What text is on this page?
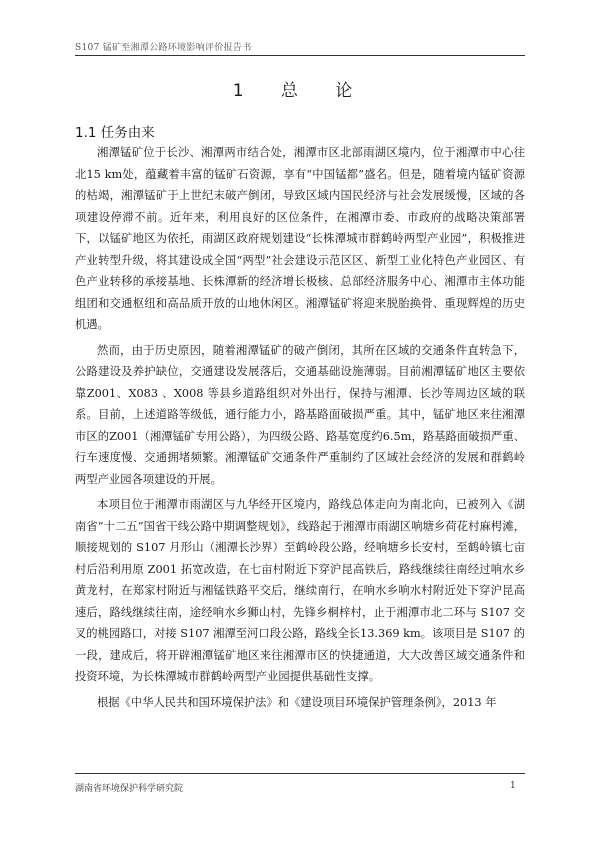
S107 锰矿至湘潭公路环境影响评价报告书
1 总 论
1.1 任务由来

湘潭锰矿位于长沙、湘潭两市结合处，湘潭市区北部雨湖区境内，位于湘潭市中心往北15 km处，蕴藏着丰富的锰矿石资源，享有“中国锰都”盛名。但是，随着境内锰矿资源的枯竭，湘潭锰矿于上世纪末破产倒闭，导致区域内国民经济与社会发展缓慢，区域的各项建设停滞不前。近年来，利用良好的区位条件，在湘潭市委、市政府的战略决策部署下，以锰矿地区为依托，雨湖区政府规划建设“长株潭城市群鹤岭两型产业园”，积极推进产业转型升级，将其建设成全国“两型”社会建设示范区区、新型工业化特色产业园区、有色产业转移的承接基地、长株潭新的经济增长极核、总部经济服务中心、湘潭市主体功能组团和交通枢纽和高品质开放的山地休闲区。湘潭锰矿将迎来脱胎换骨、重现辉煌的历史机遇。

然而，由于历史原因，随着湘潭锰矿的破产倒闭，其所在区域的交通条件直转急下，公路建设及养护缺位，交通建设发展落后，交通基础设施薄弱。目前湘潭锰矿地区主要依靠Z001、X083 、X008 等县乡道路组织对外出行，保持与湘潭、长沙等周边区域的联系。目前，上述道路等级低，通行能力小，路基路面破损严重。其中，锰矿地区来往湘潭市区的Z001（湘潭锰矿专用公路），为四级公路、路基宽度约6.5m，路基路面破损严重、行车速度慢、交通拥堵频繁。湘潭锰矿交通条件严重制约了区域社会经济的发展和群鹤岭两型产业园各项建设的开展。

本项目位于湘潭市雨湖区与九华经开区境内，路线总体走向为南北向，已被列入《湖南省“十二五”国省干线公路中期调整规划》，线路起于湘潭市雨湖区响塘乡荷花村麻枵滩， 顺接规划的 S107 月形山（湘潭长沙界）至鹤岭段公路，经响塘乡长安村，至鹤岭镇七亩村后沿利用原 Z001 拓宽改造，在七亩村附近下穿沪昆高铁后，路线继续往南经过响水乡黄龙村，在郑家村附近与湘锰铁路平交后，继续南行，在响水乡响水村附近处下穿沪昆高速后，路线继续往南，途经响水乡狮山村，先锋乡桐梓村，止于湘潭市北二环与 S107 交叉的桃园路口，对接 S107 湘潭至河口段公路，路线全长13.369 km。该项目是 S107 的一段，建成后，将开辟湘潭锰矿地区来往湘潭市区的快捷通道，大大改善区域交通条件和投资环境，为长株潭城市群鹤岭两型产业园提供基础性支撑。

根据《中华人民共和国环境保护法》和《建设项目环境保护管理条例》，2013 年

湖南省环境保护科学研究院	1
